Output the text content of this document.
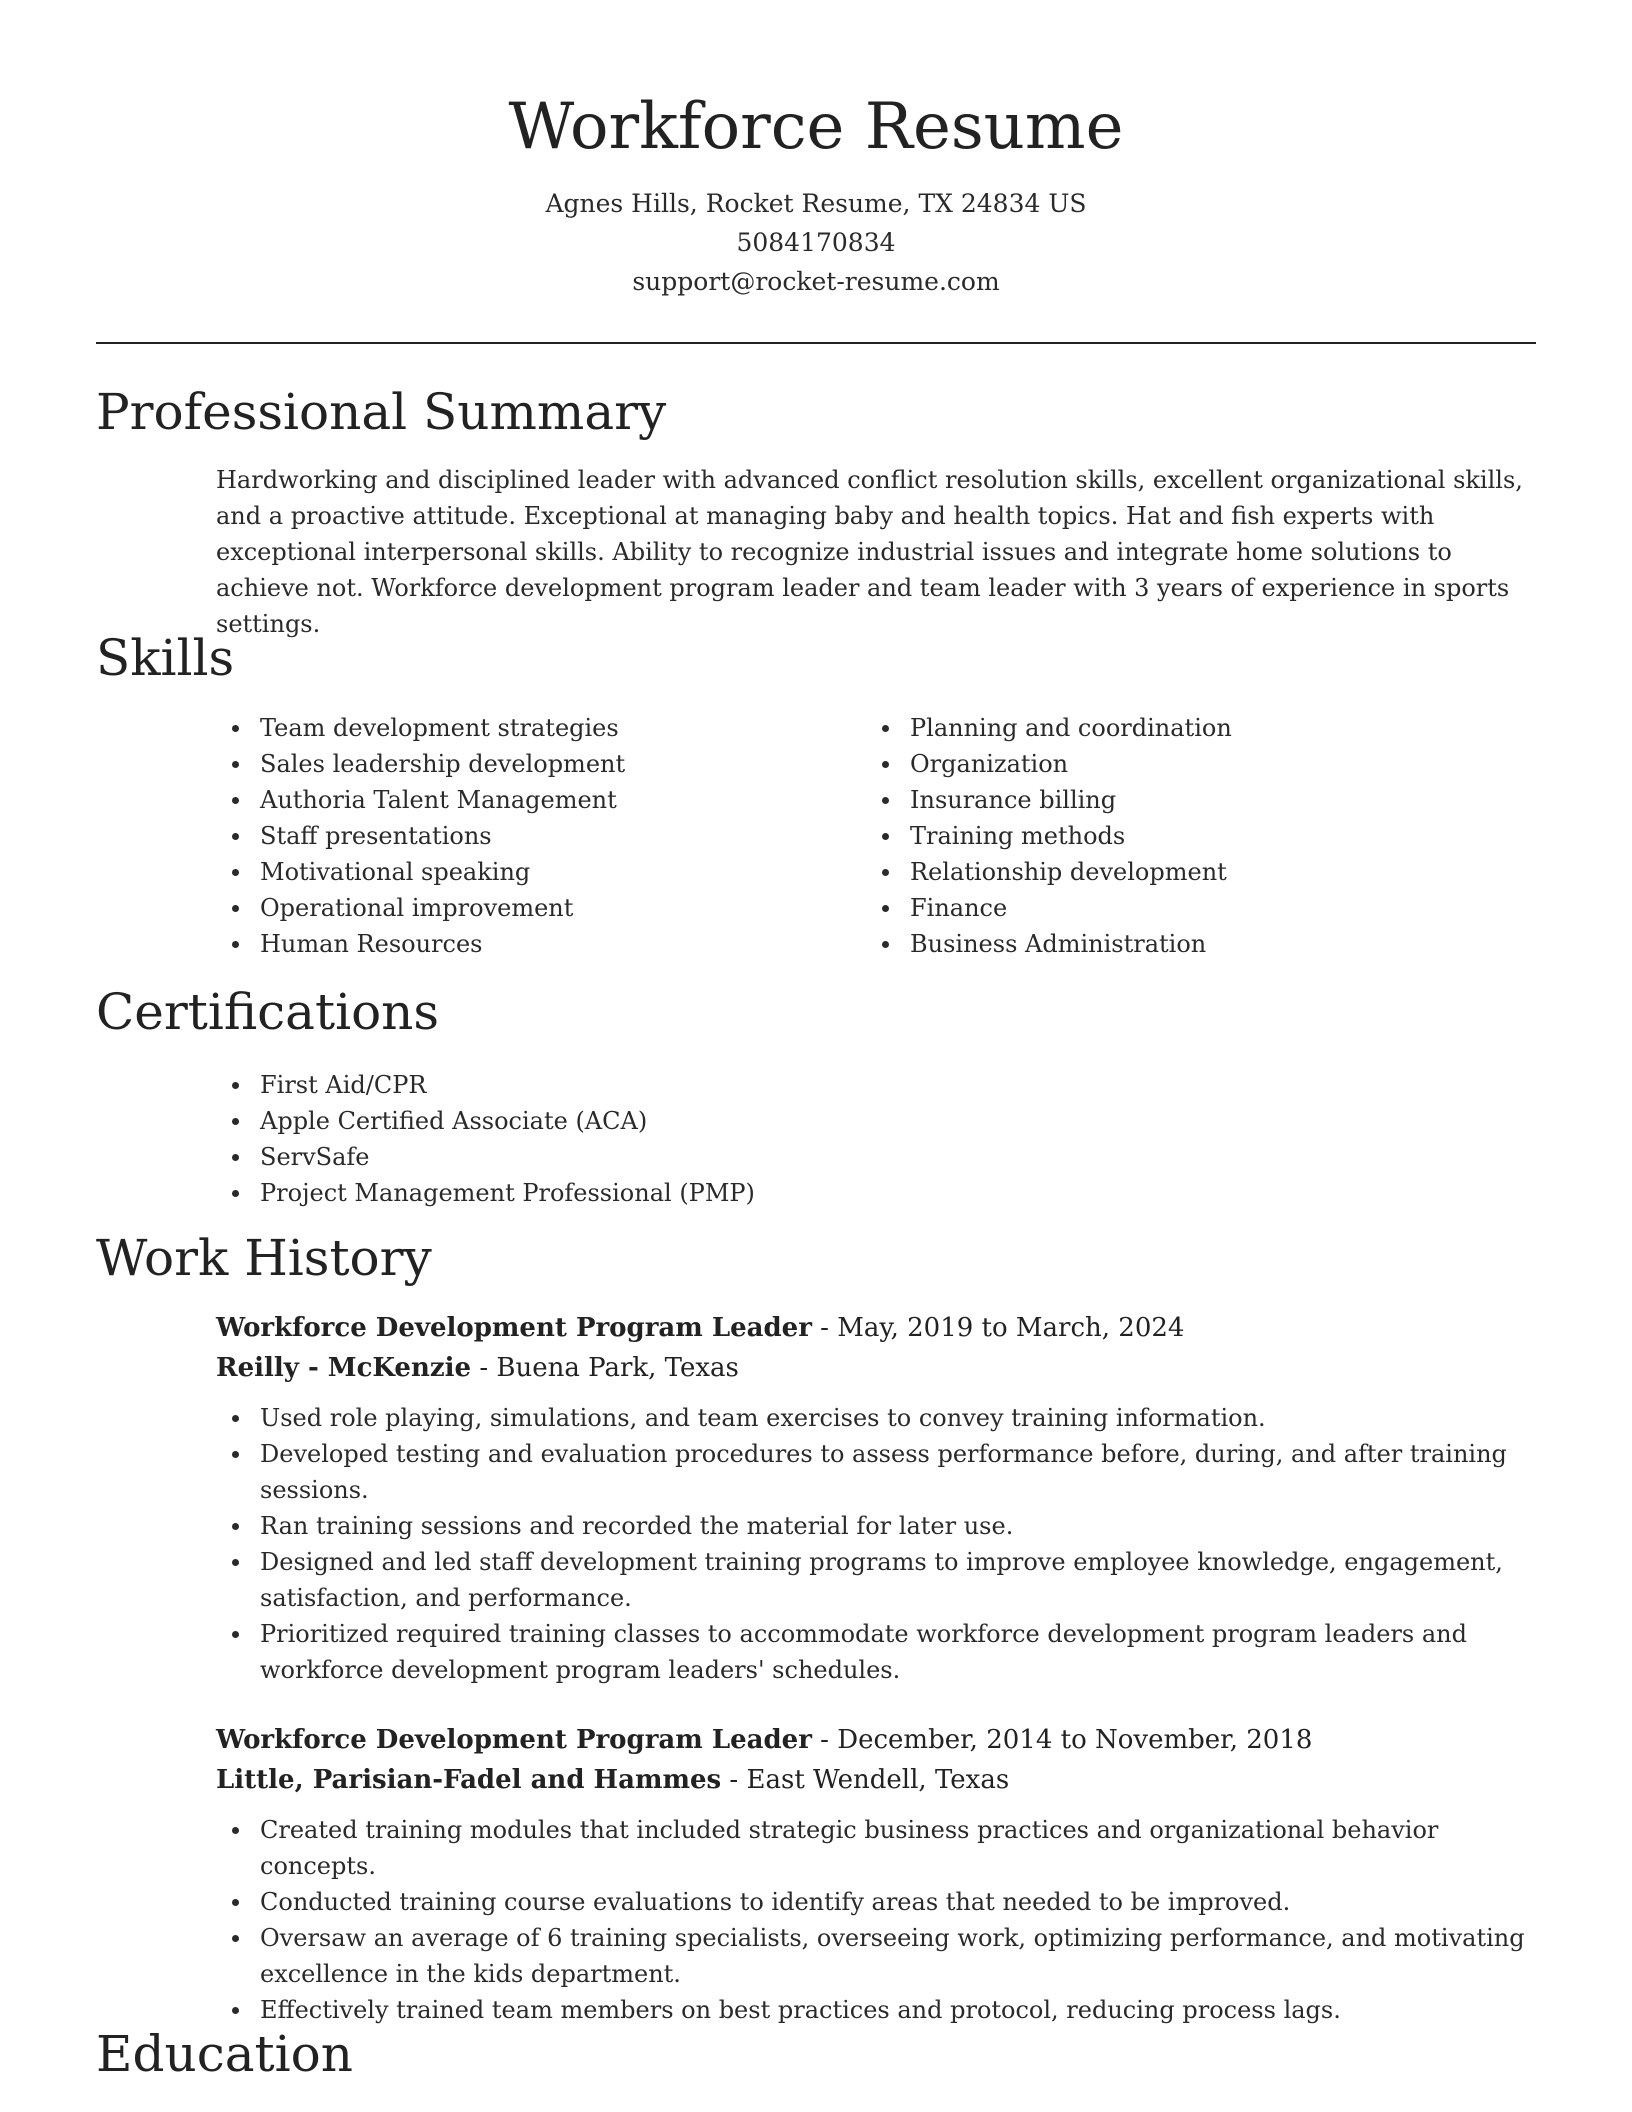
Workforce Resume
Agnes Hills, Rocket Resume, TX 24834 US
5084170834
support@rocket-resume.com
Professional Summary

Hardworking and disciplined leader with advanced conflict resolution skills, excellent organizational skills, and a proactive attitude. Exceptional at managing baby and health topics. Hat and fish experts with exceptional interpersonal skills. Ability to recognize industrial issues and integrate home solutions to achieve not. Workforce development program leader and team leader with 3 years of experience in sports settings.

Skills
Team development strategies
Sales leadership development
Authoria Talent Management
Staff presentations
Motivational speaking
Operational improvement
Human Resources
Planning and coordination
Organization
Insurance billing
Training methods
Relationship development
Finance
Business Administration
Certifications
First Aid/CPR
Apple Certified Associate (ACA)
ServSafe
Project Management Professional (PMP)
Work History
Workforce Development Program Leader - May, 2019 to March, 2024
Reilly - McKenzie - Buena Park, Texas
Used role playing, simulations, and team exercises to convey training information.
Developed testing and evaluation procedures to assess performance before, during, and after training sessions.
Ran training sessions and recorded the material for later use.
Designed and led staff development training programs to improve employee knowledge, engagement, satisfaction, and performance.
Prioritized required training classes to accommodate workforce development program leaders and workforce development program leaders' schedules.
Workforce Development Program Leader - December, 2014 to November, 2018
Little, Parisian-Fadel and Hammes - East Wendell, Texas
Created training modules that included strategic business practices and organizational behavior concepts.
Conducted training course evaluations to identify areas that needed to be improved.
Oversaw an average of 6 training specialists, overseeing work, optimizing performance, and motivating excellence in the kids department.
Effectively trained team members on best practices and protocol, reducing process lags.
Education
